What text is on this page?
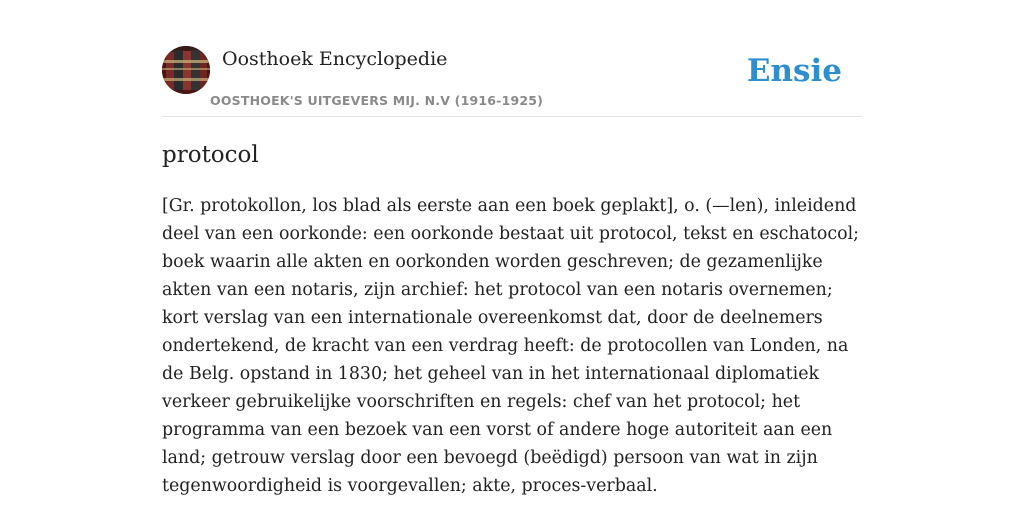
Oosthoek Encyclopedie
OOSTHOEK'S UITGEVERS MIJ. N.V (1916-1925)
Ensie
protocol

[Gr. protokollon, los blad als eerste aan een boek geplakt], o. (—len), inleidend deel van een oorkonde: een oorkonde bestaat uit protocol, tekst en eschatocol; boek waarin alle akten en oorkonden worden geschreven; de gezamenlijke akten van een notaris, zijn archief: het protocol van een notaris overnemen; kort verslag van een internationale overeenkomst dat, door de deelnemers ondertekend, de kracht van een verdrag heeft: de protocollen van Londen, na de Belg. opstand in 1830; het geheel van in het internationaal diplomatiek verkeer gebruikelijke voorschriften en regels: chef van het protocol; het programma van een bezoek van een vorst of andere hoge autoriteit aan een land; getrouw verslag door een bevoegd (beëdigd) persoon van wat in zijn tegenwoordigheid is voorgevallen; akte, proces-verbaal.
